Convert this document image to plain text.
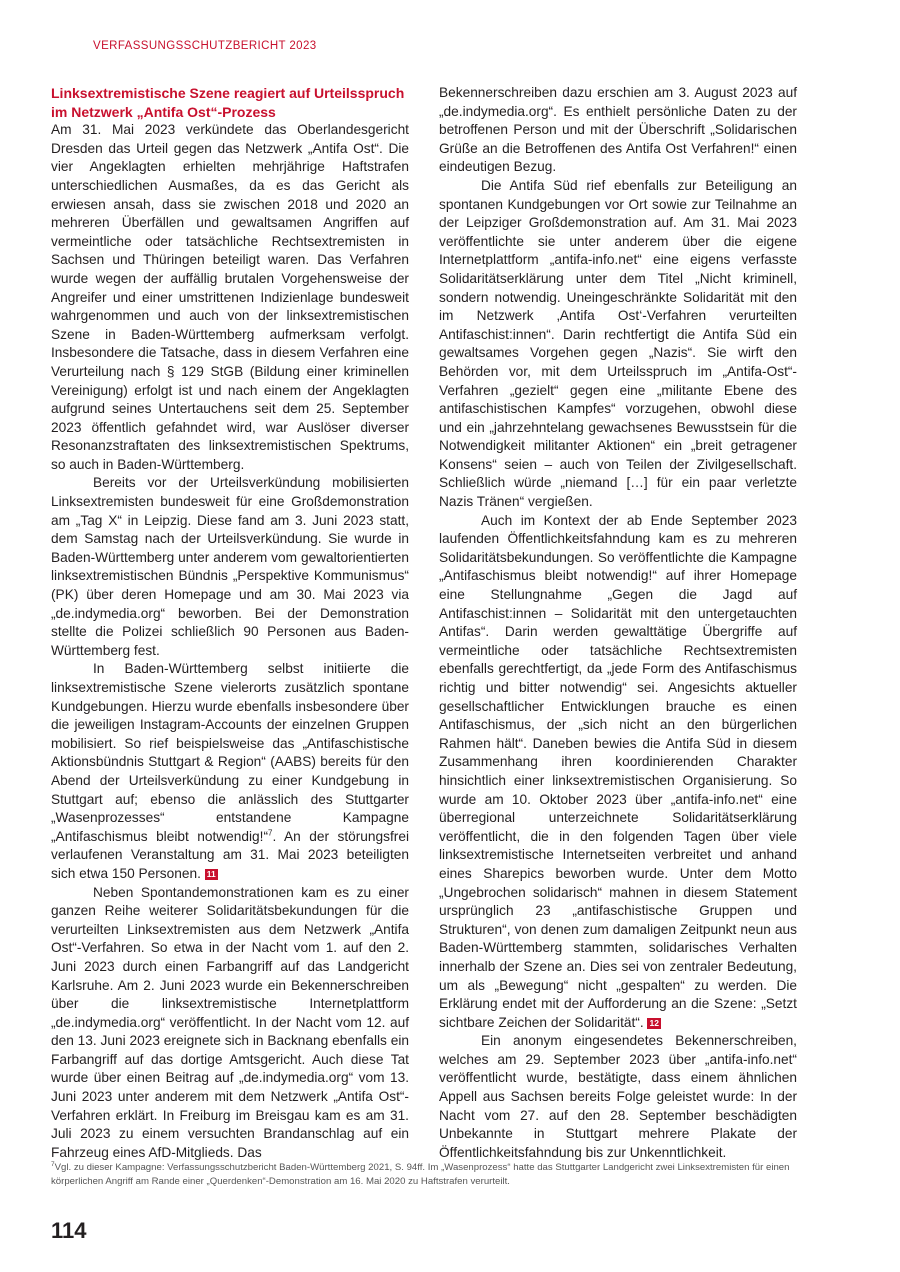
VERFASSUNGSSCHUTZBERICHT 2023
Linksextremistische Szene reagiert auf Urteilsspruch im Netzwerk „Antifa Ost“-Prozess

Am 31. Mai 2023 verkündete das Oberlandesgericht Dresden das Urteil gegen das Netzwerk „Antifa Ost“. Die vier Angeklagten erhielten mehrjährige Haftstrafen unterschiedlichen Ausmaßes, da es das Gericht als erwiesen ansah, dass sie zwischen 2018 und 2020 an mehreren Überfällen und gewaltsamen Angriffen auf vermeintliche oder tatsächliche Rechtsextremisten in Sachsen und Thüringen beteiligt waren. Das Verfahren wurde wegen der auffällig brutalen Vorgehensweise der Angreifer und einer umstrittenen Indizienlage bundesweit wahrgenommen und auch von der linksextremistischen Szene in Baden-Württemberg aufmerksam verfolgt. Insbesondere die Tatsache, dass in diesem Verfahren eine Verurteilung nach § 129 StGB (Bildung einer kriminellen Vereinigung) erfolgt ist und nach einem der Angeklagten aufgrund seines Untertauchens seit dem 25. September 2023 öffentlich gefahndet wird, war Auslöser diverser Resonanzstraftaten des linksextremistischen Spektrums, so auch in Baden-Württemberg.

Bereits vor der Urteilsverkündung mobilisierten Linksextremisten bundesweit für eine Großdemonstration am „Tag X“ in Leipzig. Diese fand am 3. Juni 2023 statt, dem Samstag nach der Urteilsverkündung. Sie wurde in Baden-Württemberg unter anderem vom gewaltorientierten linksextremistischen Bündnis „Perspektive Kommunismus“ (PK) über deren Homepage und am 30. Mai 2023 via „de.indymedia.org“ beworben. Bei der Demonstration stellte die Polizei schließlich 90 Personen aus Baden-Württemberg fest.

In Baden-Württemberg selbst initiierte die linksextremistische Szene vielerorts zusätzlich spontane Kundgebungen. Hierzu wurde ebenfalls insbesondere über die jeweiligen Instagram-Accounts der einzelnen Gruppen mobilisiert. So rief beispielsweise das „Antifaschistische Aktionsbündnis Stuttgart & Region“ (AABS) bereits für den Abend der Urteilsverkündung zu einer Kundgebung in Stuttgart auf; ebenso die anlässlich des Stuttgarter „Wasenprozesses“ entstandene Kampagne „Antifaschismus bleibt notwendig!“$^7$. An der störungsfrei verlaufenen Veranstaltung am 31. Mai 2023 beteiligten sich etwa 150 Personen. 11

Neben Spontandemonstrationen kam es zu einer ganzen Reihe weiterer Solidaritätsbekundungen für die verurteilten Linksextremisten aus dem Netzwerk „Antifa Ost“-Verfahren. So etwa in der Nacht vom 1. auf den 2. Juni 2023 durch einen Farbangriff auf das Landgericht Karlsruhe. Am 2. Juni 2023 wurde ein Bekennerschreiben über die linksextremistische Internetplattform „de.indymedia.org“ veröffentlicht. In der Nacht vom 12. auf den 13. Juni 2023 ereignete sich in Backnang ebenfalls ein Farbangriff auf das dortige Amtsgericht. Auch diese Tat wurde über einen Beitrag auf „de.indymedia.org“ vom 13. Juni 2023 unter anderem mit dem Netzwerk „Antifa Ost“-Verfahren erklärt. In Freiburg im Breisgau kam es am 31. Juli 2023 zu einem versuchten Brandanschlag auf ein Fahrzeug eines AfD-Mitglieds. Das

Bekennerschreiben dazu erschien am 3. August 2023 auf „de.indymedia.org“. Es enthielt persönliche Daten zu der betroffenen Person und mit der Überschrift „Solidarischen Grüße an die Betroffenen des Antifa Ost Verfahren!“ einen eindeutigen Bezug.

Die Antifa Süd rief ebenfalls zur Beteiligung an spontanen Kundgebungen vor Ort sowie zur Teilnahme an der Leipziger Großdemonstration auf. Am 31. Mai 2023 veröffentlichte sie unter anderem über die eigene Internetplattform „antifa-info.net“ eine eigens verfasste Solidaritätserklärung unter dem Titel „Nicht kriminell, sondern notwendig. Uneingeschränkte Solidarität mit den im Netzwerk ‚Antifa Ost‘-Verfahren verurteilten Antifaschist:innen“. Darin rechtfertigt die Antifa Süd ein gewaltsames Vorgehen gegen „Nazis“. Sie wirft den Behörden vor, mit dem Urteilsspruch im „Antifa-Ost“-Verfahren „gezielt“ gegen eine „militante Ebene des antifaschistischen Kampfes“ vorzugehen, obwohl diese und ein „jahrzehntelang gewachsenes Bewusstsein für die Notwendigkeit militanter Aktionen“ ein „breit getragener Konsens“ seien – auch von Teilen der Zivilgesellschaft. Schließlich würde „niemand […] für ein paar verletzte Nazis Tränen“ vergießen.

Auch im Kontext der ab Ende September 2023 laufenden Öffentlichkeitsfahndung kam es zu mehreren Solidaritätsbekundungen. So veröffentlichte die Kampagne „Antifaschismus bleibt notwendig!“ auf ihrer Homepage eine Stellungnahme „Gegen die Jagd auf Antifaschist:innen – Solidarität mit den untergetauchten Antifas“. Darin werden gewalttätige Übergriffe auf vermeintliche oder tatsächliche Rechtsextremisten ebenfalls gerechtfertigt, da „jede Form des Antifaschismus richtig und bitter notwendig“ sei. Angesichts aktueller gesellschaftlicher Entwicklungen brauche es einen Antifaschismus, der „sich nicht an den bürgerlichen Rahmen hält“. Daneben bewies die Antifa Süd in diesem Zusammenhang ihren koordinierenden Charakter hinsichtlich einer linksextremistischen Organisierung. So wurde am 10. Oktober 2023 über „antifa-info.net“ eine überregional unterzeichnete Solidaritätserklärung veröffentlicht, die in den folgenden Tagen über viele linksextremistische Internetseiten verbreitet und anhand eines Sharepics beworben wurde. Unter dem Motto „Ungebrochen solidarisch“ mahnen in diesem Statement ursprünglich 23 „antifaschistische Gruppen und Strukturen“, von denen zum damaligen Zeitpunkt neun aus Baden-Württemberg stammten, solidarisches Verhalten innerhalb der Szene an. Dies sei von zentraler Bedeutung, um als „Bewegung“ nicht „gespalten“ zu werden. Die Erklärung endet mit der Aufforderung an die Szene: „Setzt sichtbare Zeichen der Solidarität“. 12

Ein anonym eingesendetes Bekennerschreiben, welches am 29. September 2023 über „antifa-info.net“ veröffentlicht wurde, bestätigte, dass einem ähnlichen Appell aus Sachsen bereits Folge geleistet wurde: In der Nacht vom 27. auf den 28. September beschädigten Unbekannte in Stuttgart mehrere Plakate der Öffentlichkeitsfahndung bis zur Unkenntlichkeit.

$^7$Vgl. zu dieser Kampagne: Verfassungsschutzbericht Baden-Württemberg 2021, S. 94ff. Im „Wasenprozess“ hatte das Stuttgarter Landgericht zwei Linksextremisten für einen körperlichen Angriff am Rande einer „Querdenken“-Demonstration am 16. Mai 2020 zu Haftstrafen verurteilt.
114
